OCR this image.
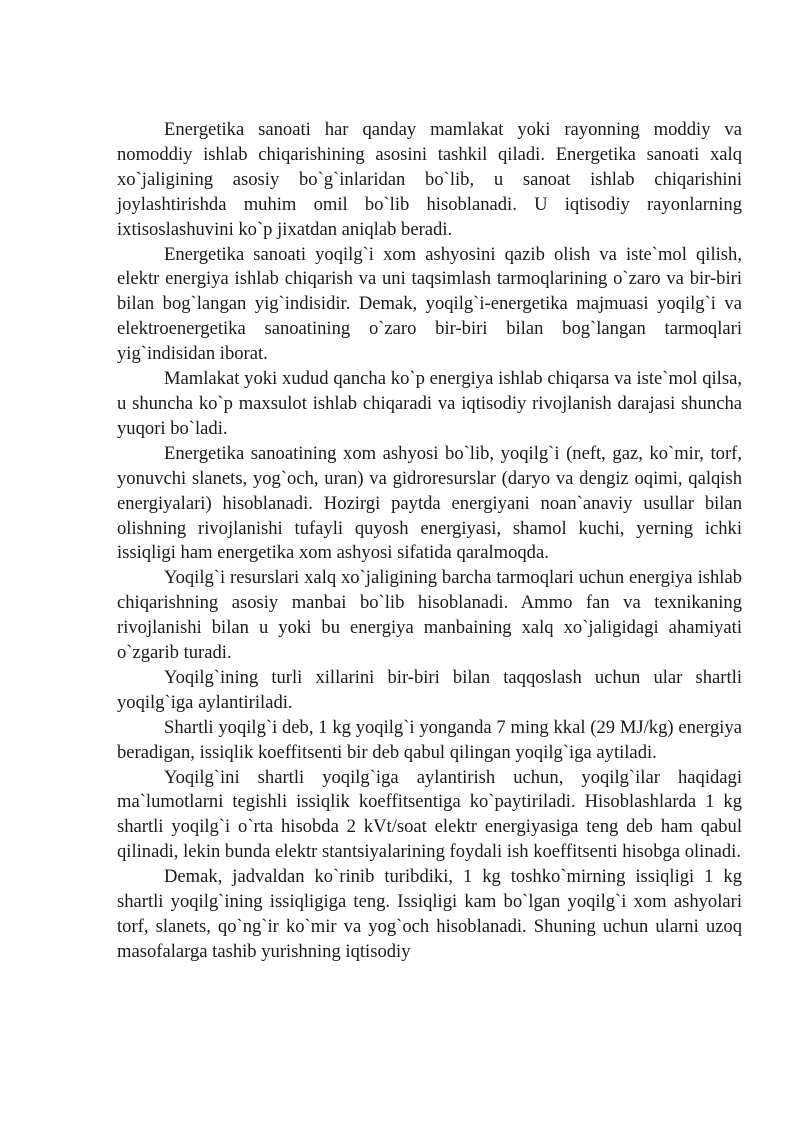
Energetika sanoati har qanday mamlakat yoki rayonning moddiy va nomoddiy ishlab chiqarishining asosini tashkil qiladi. Energetika sanoati xalq xo`jaligining asosiy bo`g`inlaridan bo`lib, u sanoat ishlab chiqarishini joylashtirishda muhim omil bo`lib hisoblanadi. U iqtisodiy rayonlarning ixtisoslashuvini ko`p jixatdan aniqlab beradi.

Energetika sanoati yoqilg`i xom ashyosini qazib olish va iste`mol qilish, elektr energiya ishlab chiqarish va uni taqsimlash tarmoqlarining o`zaro va bir-biri bilan bog`langan yig`indisidir. Demak, yoqilg`i-energetika majmuasi yoqilg`i va elektroenergetika sanoatining o`zaro bir-biri bilan bog`langan tarmoqlari yig`indisidan iborat.

Mamlakat yoki xudud qancha ko`p energiya ishlab chiqarsa va iste`mol qilsa, u shuncha ko`p maxsulot ishlab chiqaradi va iqtisodiy rivojlanish darajasi shuncha yuqori bo`ladi.

Energetika sanoatining xom ashyosi bo`lib, yoqilg`i (neft, gaz, ko`mir, torf, yonuvchi slanets, yog`och, uran) va gidroresurslar (daryo va dengiz oqimi, qalqish energiyalari) hisoblanadi. Hozirgi paytda energiyani noan`anaviy usullar bilan olishning rivojlanishi tufayli quyosh energiyasi, shamol kuchi, yerning ichki issiqligi ham energetika xom ashyosi sifatida qaralmoqda.

Yoqilg`i resurslari xalq xo`jaligining barcha tarmoqlari uchun energiya ishlab chiqarishning asosiy manbai bo`lib hisoblanadi. Ammo fan va texnikaning rivojlanishi bilan u yoki bu energiya manbaining xalq xo`jaligidagi ahamiyati o`zgarib turadi.

Yoqilg`ining turli xillarini bir-biri bilan taqqoslash uchun ular shartli yoqilg`iga aylantiriladi.

Shartli yoqilg`i deb, 1 kg yoqilg`i yonganda 7 ming kkal (29 MJ/kg) energiya beradigan, issiqlik koeffitsenti bir deb qabul qilingan yoqilg`iga aytiladi.

Yoqilg`ini shartli yoqilg`iga aylantirish uchun, yoqilg`ilar haqidagi ma`lumotlarni tegishli issiqlik koeffitsentiga ko`paytiriladi. Hisoblashlarda 1 kg shartli yoqilg`i o`rta hisobda 2 kVt/soat elektr energiyasiga teng deb ham qabul qilinadi, lekin bunda elektr stantsiyalarining foydali ish koeffitsenti hisobga olinadi.

Demak, jadvaldan ko`rinib turibdiki, 1 kg toshko`mirning issiqligi 1 kg shartli yoqilg`ining issiqligiga teng. Issiqligi kam bo`lgan yoqilg`i xom ashyolari torf, slanets, qo`ng`ir ko`mir va yog`och hisoblanadi. Shuning uchun ularni uzoq masofalarga tashib yurishning iqtisodiy
